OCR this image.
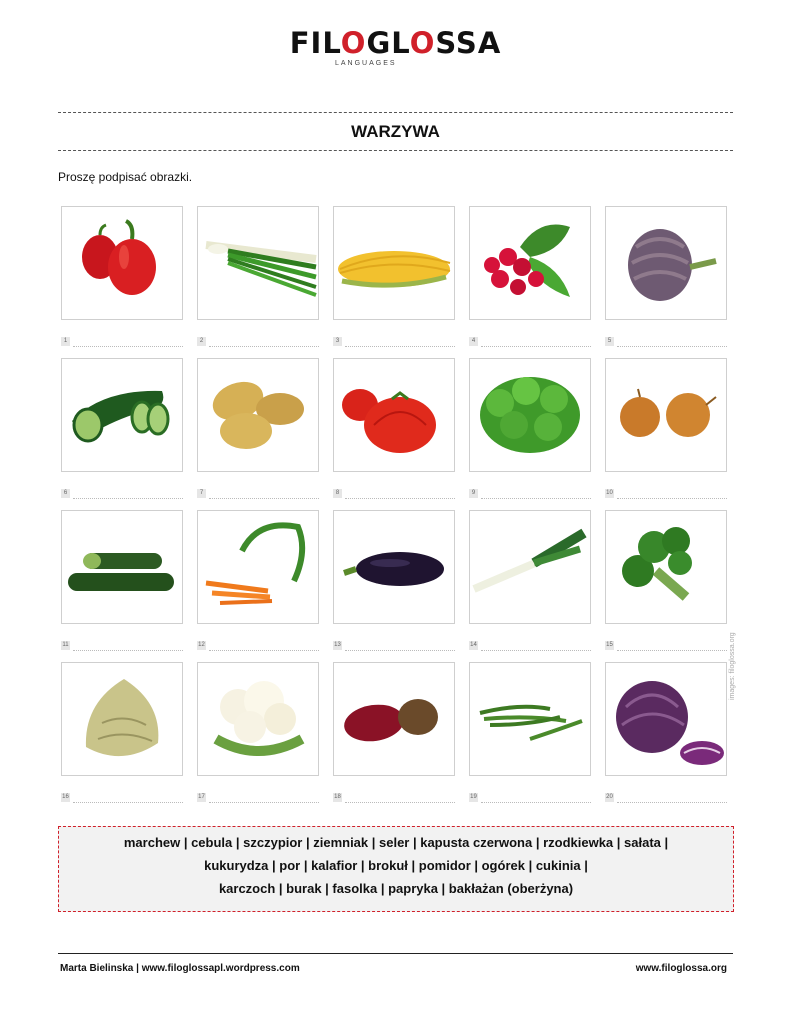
FILOGLOSSA
LANGUAGES
WARZYWA
Proszę podpisać obrazki.
1	2	3	4	5
6	7	8	9	10
11	12	13	14	15
16	17	18	19	20
images: filoglossa.org
marchew | cebula | szczypior | ziemniak | seler | kapusta czerwona | rzodkiewka | sałata |
kukurydza | por | kalafior | brokuł | pomidor | ogórek | cukinia |
karczoch | burak | fasolka | papryka | bakłażan (oberżyna)
Marta Bielinska | www.filoglossapl.wordpress.com	www.filoglossa.org
